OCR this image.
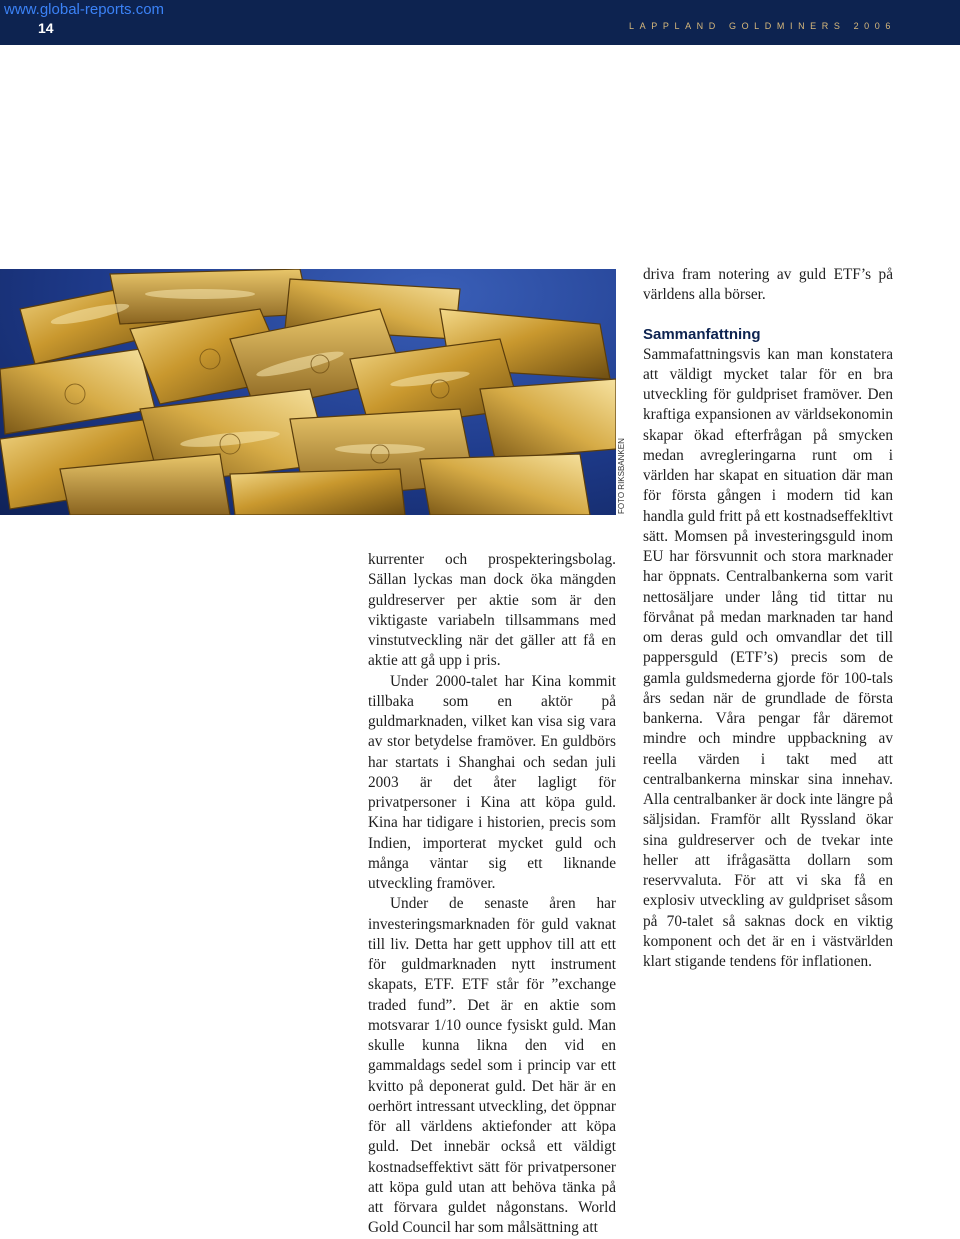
www.global-reports.com
14	LAPPLAND GOLDMINERS 2006
FOTO RIKSBANKEN

kurrenter och prospekteringsbolag. Sällan lyckas man dock öka mängden guldreserver per aktie som är den viktigaste variabeln tillsammans med vinstutveckling när det gäller att få en aktie att gå upp i pris.

Under 2000-talet har Kina kommit tillbaka som en aktör på guldmarknaden, vilket kan visa sig vara av stor betydelse framöver. En guldbörs har startats i Shanghai och sedan juli 2003 är det åter lagligt för privatpersoner i Kina att köpa guld. Kina har tidigare i historien, precis som Indien, importerat mycket guld och många väntar sig ett liknande utveckling framöver.

Under de senaste åren har investeringsmarknaden för guld vaknat till liv. Detta har gett upphov till att ett för guldmarknaden nytt instrument skapats, ETF. ETF står för ”exchange traded fund”. Det är en aktie som motsvarar 1/10 ounce fysiskt guld. Man skulle kunna likna den vid en gammaldags sedel som i princip var ett kvitto på deponerat guld. Det här är en oerhört intressant utveckling, det öppnar för all världens aktiefonder att köpa guld. Det innebär också ett väldigt kostnadseffektivt sätt för privatpersoner att köpa guld utan att behöva tänka på att förvara guldet någonstans. World Gold Council har som målsättning att

driva fram notering av guld ETF’s på världens alla börser.

Sammanfattning

Sammafattningsvis kan man konstatera att väldigt mycket talar för en bra utveckling för guldpriset framöver. Den kraftiga expansionen av världsekonomin skapar ökad efterfrågan på smycken medan avregleringarna runt om i världen har skapat en situation där man för första gången i modern tid kan handla guld fritt på ett kostnadseffekltivt sätt. Momsen på investeringsguld inom EU har försvunnit och stora marknader har öppnats. Centralbankerna som varit nettosäljare under lång tid tittar nu förvånat på medan marknaden tar hand om deras guld och omvandlar det till pappersguld (ETF’s) precis som de gamla guldsmederna gjorde för 100-tals års sedan när de grundlade de första bankerna. Våra pengar får däremot mindre och mindre uppbackning av reella värden i takt med att centralbankerna minskar sina innehav. Alla centralbanker är dock inte längre på säljsidan. Framför allt Ryssland ökar sina guldreserver och de tvekar inte heller att ifrågasätta dollarn som reservvaluta. För att vi ska få en explosiv utveckling av guldpriset såsom på 70-talet så saknas dock en viktig komponent och det är en i västvärlden klart stigande tendens för inflationen.
